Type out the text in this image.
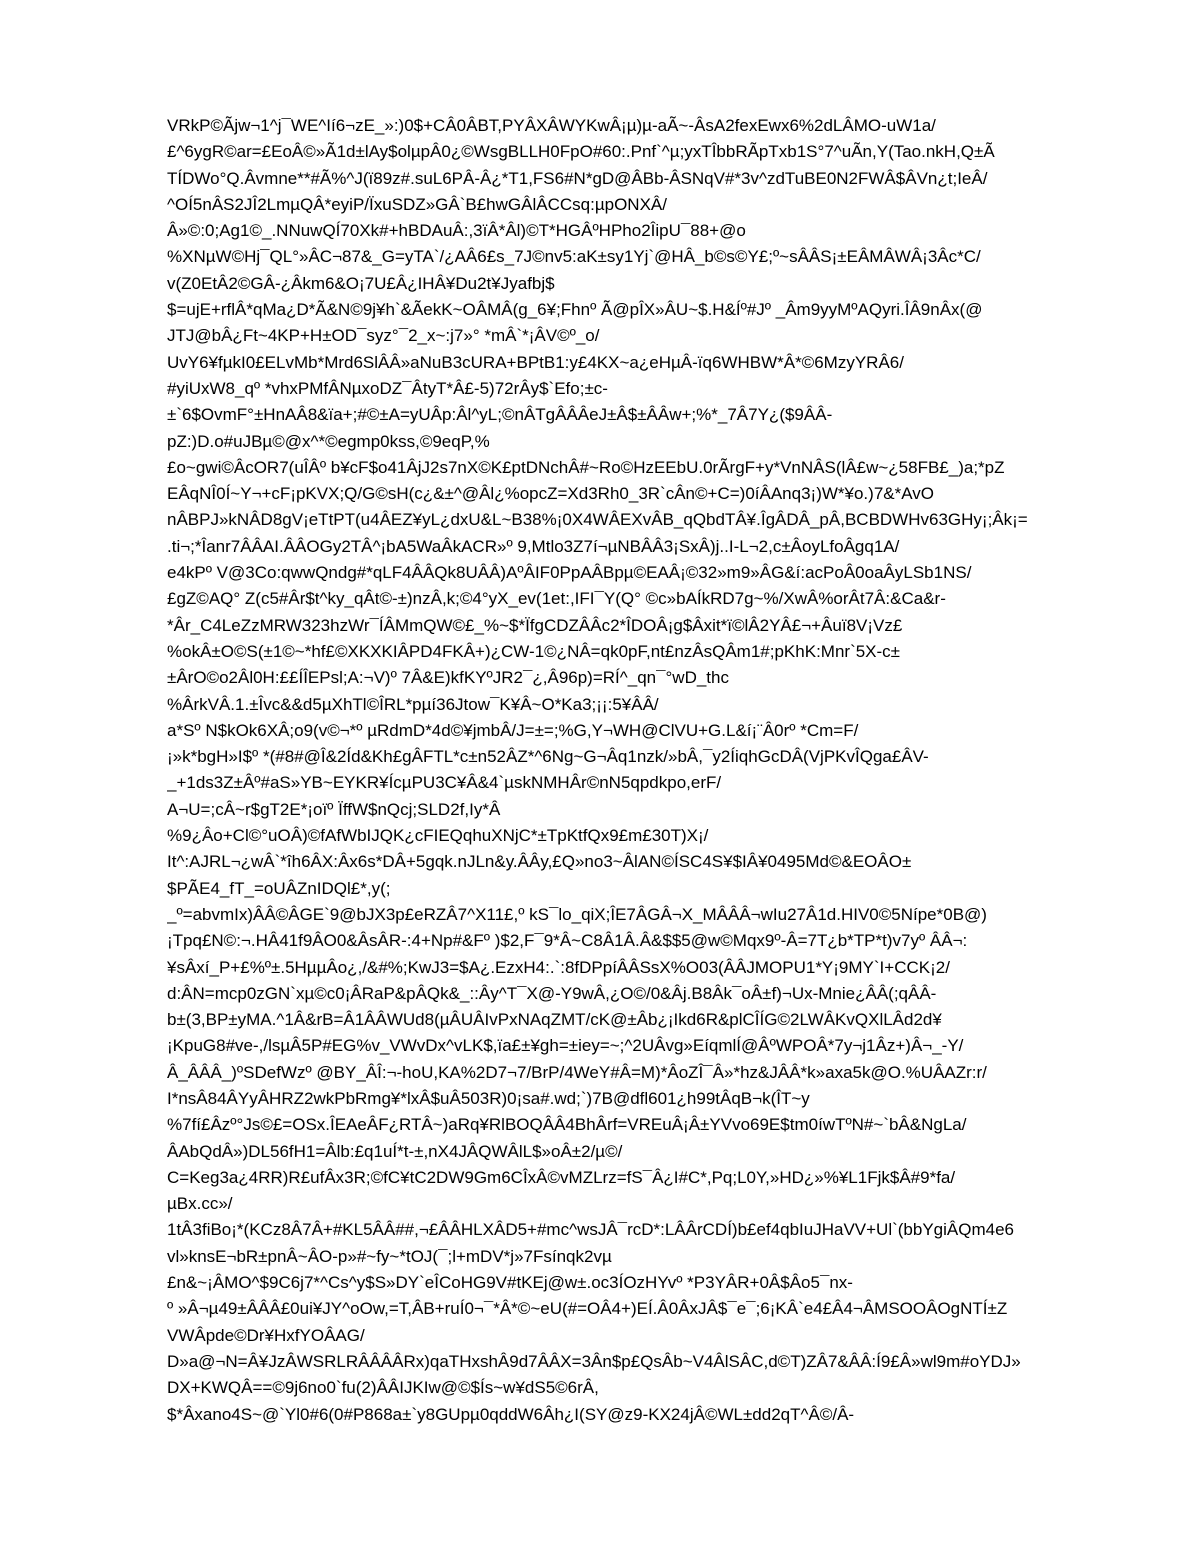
VRkP©Ãjw¬1^j¯WE^Ií6¬zE_»:)0$+CÂ0ÂBT,PYÂXÂWYKwÂ¡µ)µ-aÃ~-ÂsA2fexEwx6%2dLÂMO-uW1a/
£^6ygR©ar=£EoÂ©»Ã1d±lAy$olµpÂ0¿©WsgBLLH0FpO#60:.Pnf`^µ;yxTÎbbRÃpTxb1S°7^uÃn,Y(Tao.nkH,Q±Ã
TÍDWo°Q.Âvmne**#Ã%^J(ï89z#.suL6PÂ-Â¿*T1,FS6#N*gD@ÂBb-ÂSNqV#*3v^zdTuBE0N2FWÂ$ÂVn¿t;IeÂ/
^OÍ5nÂS2JÎ2LmµQÂ*eyiP/ÏxuSDZ»GÂ`B£hwGÂlÂCCsq:µpONXÂ/
Â»©:0;Ag1©_.NNuwQÍ70Xk#+hBDAuÂ:,3ïÂ*Âl)©T*HGÂºHPho2ÎipU¯88+@o
%XNµW©Hj¯QL°»ÂC¬87&_G=yTA`/¿AÂ6£s_7J©nv5:aK±sy1Yj`@HÂ_b©s©Y£;º~sÂÂS¡±EÂMÂWÂ¡3Âc*C/
v(Z0EtÂ2©GÂ-¿Âkm6&O¡7U£Â¿IHÂ¥Du2t¥Jyafbj$
$=ujE+rflÂ*qMa¿D*Ã&N©9j¥h`&ÃekK~OÂMÂ(g_6¥;Fhnº Ã@pÎX»ÂU~$.H&Íº#Jº _Âm9yyMºAQyri.ÎÂ9nÂx(@
JTJ@bÂ¿Ft~4KP+H±OD¯syz°¯2_x~:j7»° *mÂ`*¡ÂV©º_o/
UvY6¥fµkI0£ELvMb*Mrd6SlÂÂ»aNuB3cURA+BPtB1:y£4KX~a¿eHµÂ-ïq6WHBW*Â*©6MzyYRÂ6/
#yiUxW8_qº *vhxPMfÂNµxoDZ¯ÂtyT*Â£-5)72rÂy$`Efo;±c-
±`6$OvmF°±HnAÂ8&ïa+;#©±A=yUÂp:Âl^yL;©nÂTgÂÂÂeJ±Â$±ÂÂw+;%*_7Â7Y¿($9ÂÂ-
pZ:)D.o#uJBµ©@x^*©egmp0kss,©9eqP,%
£o~gwi©ÂcOR7(uÎÂº b¥cF$o41ÂjJ2s7nX©K£ptDNchÂ#~Ro©HzEEbU.0rÃrgF+y*VnNÂS(lÂ£w~¿58FB£_)a;*pZ
EÂqNÎ0Í~Y¬+cF¡pKVX;Q/G©sH(c¿&±^@Âl¿%opcZ=Xd3Rh0_3R`cÂn©+C=)0íÂAnq3¡)W*¥o.)7&*AvO
nÂBPJ»kNÂD8gV¡eTtPT(u4ÂEZ¥yL¿dxU&L~B38%¡0X4WÂEXvÂB_qQbdTÂ¥.ÎgÂDÂ_pÂ,BCBDWHv63GHy¡;Âk¡=
.ti¬;*Îanr7ÂÂAI.ÂÂOGy2TÂ^¡bA5WaÂkACR»º 9,Mtlo3Z7í¬µNBÂÂ3¡SxÂ)j..I-L¬2,c±ÂoyLfoÂgq1A/
e4kPº V@3Co:qwwQndg#*qLF4ÂÂQk8UÂÂ)AºÂIF0PpAÂBpµ©EAÂ¡©32»m9»ÂG&í:acPoÂ0oaÂyLSb1NS/
£gZ©AQ° Z(c5#Âr$t^ky_qÂt©-±)nzÂ,k;©4°yX_ev(1et:,IFI¯Y(Q° ©c»bAÍkRD7g~%/XwÂ%orÂt7Â:&Ca&r-
*Âr_C4LeZzMRW323hzWr¯ÍÂMmQW©£_%~$*ÏfgCDZÂÂc2*ÎDOÂ¡g$Âxit*ï©lÂ2YÂ£¬+Âuï8V¡Vz£
%okÂ±O©S(±1©~*hf£©XKXKIÂPD4FKÂ+)¿CW-1©¿NÂ=qk0pF,nt£nzÂsQÂm1#;pKhK:Mnr`5X-c±
±ÂrO©o2Âl0H:££ÍÎEPsl;A:¬V)º 7Â&E)kfKYºJR2¯¿,Â96p)=RÍ^_qn¯°wD_thc
%ÂrkVÂ.1.±Îvc&&d5µXhTl©ÎRL*pµí36Jtow¯K¥Â~O*Ka3;¡¡:5¥ÂÂ/
a*Sº N$kOk6XÂ;o9(v©¬*º µRdmD*4d©¥jmbÂ/J=±=;%G,Y¬WH@ClVU+G.L&í¡¨Â0rº *Cm=F/
¡»k*bgH»I$º *(#8#@Î&2Íd&Kh£gÂFTL*c±n52ÂZ*^6Ng~G¬Âq1nzk/»bÂ,¯y2ÍiqhGcDÂ(VjPKvÎQga£ÂV-
_+1ds3Z±Âº#aS»YB~EYKR¥ÍcµPU3C¥Â&4`µskNMHÂr©nN5qpdkpo,erF/
A¬U=;cÂ~r$gT2E*¡oïº ÏffW$nQcj;SLD2f,Iy*Â
%9¿Âo+Cl©°uOÂ)©fAfWbIJQK¿cFIEQqhuXNjC*±TpKtfQx9£m£30T)X¡/
It^:AJRL¬¿wÂ`*îh6ÂX:Âx6s*DÂ+5gqk.nJLn&y.ÂÂy,£Q»no3~ÂlAN©ÍSC4S¥$IÂ¥0495Md©&EOÂO±
$PÃE4_fT_=oUÂZnIDQl£*,y(;
_º=abvmIx)ÂÂ©ÂGE`9@bJX3p£eRZÂ7^X11£,º kS¯lo_qiX;ÎE7ÂGÂ¬X_MÂÂÂ¬wIu27Â1d.HIV0©5Nípe*0B@)
¡Tpq£N©:¬.HÂ41f9ÂO0&ÂsÂR-:4+Np#&Fº )$2,F¯9*Â~C8Â1Â.Â&$$5@w©Mqx9º-Â=7T¿b*TP*t)v7yº ÂÂ¬:
¥sÂxí_P+£%º±.5HµµÂo¿,/&#%;KwJ3=$A¿.EzxH4:.`:8fDPpíÂÂSsX%O03(ÂÂJMOPU1*Y¡9MY`I+CCK¡2/
d:ÂN=mcp0zGN`xµ©c0¡ÂRaP&pÂQk&_::Ây^T¯X@-Y9wÂ,¿O©/0&Âj.B8Âk¯oÂ±f)¬Ux-Mnie¿ÂÂ(;qÂÂ-
b±(3,BP±yMA.^1Â&rB=Â1ÂÂWUd8(µÂUÂIvPxNAqZMT/cK@±Âb¿¡Ikd6R&plCÎÍG©2LWÂKvQXlLÂd2d¥
¡KpuG8#ve-,/lsµÂ5P#EG%v_VWvDx^vLK$,ïa£±¥gh=±iey=~;^2UÂvg»EíqmlÍ@ÂºWPOÂ*7y¬j1Âz+)Â¬_-Y/
Â_ÂÂÂ_)ºSDefWzº @BY_ÂÎ:¬-hoU,KA%2D7¬7/BrP/4WeY#Â=M)*ÂoZÎ¯Â»*hz&JÂÂ*k»axa5k@O.%UÂAZr:r/
I*nsÂ84ÂYyÂHRZ2wkPbRmg¥*lxÂ$uÂ503R)0¡sa#.wd;`)7B@dfl601¿h99tÂqB¬k(ÎT~y
%7fí£Âzº°Js©£=OSx.ÎEAeÂF¿RTÂ~)aRq¥RlBOQÂÂ4BhÂrf=VREuÂ¡Â±YVvo69E$tm0íwTºN#~`bÂ&NgLa/
ÂAbQdÂ»)DL56fH1=Âlb:£q1uÍ*t-±,nX4JÂQWÂlL$»oÂ±2/µ©/
C=Keg3a¿4RR)R£ufÂx3R;©fC¥tC2DW9Gm6CÎxÂ©vMZLrz=fS¯Â¿I#C*,Pq;L0Y,»HD¿»%¥L1Fjk$Â#9*fa/
µBx.cc»/
1tÂ3fiBo¡*(KCz8Â7Â+#KL5ÂÂ##,¬£ÂÂHLXÂD5+#mc^wsJÂ¯rcD*:LÂÂrCDÍ)b£ef4qbIuJHaVV+Ul`(bbYgiÂQm4e6
vl»knsE¬bR±pnÂ~ÂO-p»#~fy~*tOJ(¯;l+mDV*j»7Fsínqk2vµ
£n&~¡ÂMO^$9C6j7*^Cs^y$S»DY`eÎCoHG9V#tKEj@w±.oc3ÍOzHYvº *P3YÂR+0Â$Âo5¯nx-
º »Â¬µ49±ÂÂÂ£0ui¥JY^oOw,=T,ÂB+ruÍ0¬¯*Â*©~eU(#=OÂ4+)EÍ.Â0ÂxJÂ$¯e¯;6¡KÂ`e4£Â4¬ÂMSOOÂOgNTÍ±Z
VWÂpde©Dr¥HxfYOÂAG/
D»a@¬N=Â¥JzÂWSRLRÂÂÂÂRx)qaTHxshÂ9d7ÂÂX=3Ân$p£QsÂb~V4ÂlSÂC,d©T)ZÂ7&ÂÂ:Í9£Â»wl9m#oYDJ»
DX+KWQÂ==©9j6no0`fu(2)ÂÂIJKIw@©$Ís~w¥dS5©6rÂ,
$*Âxano4S~@`Yl0#6(0#P868a±`y8GUpµ0qddW6Âh¿I(SY@z9-KX24jÂ©WL±dd2qT^Â©/Â-
